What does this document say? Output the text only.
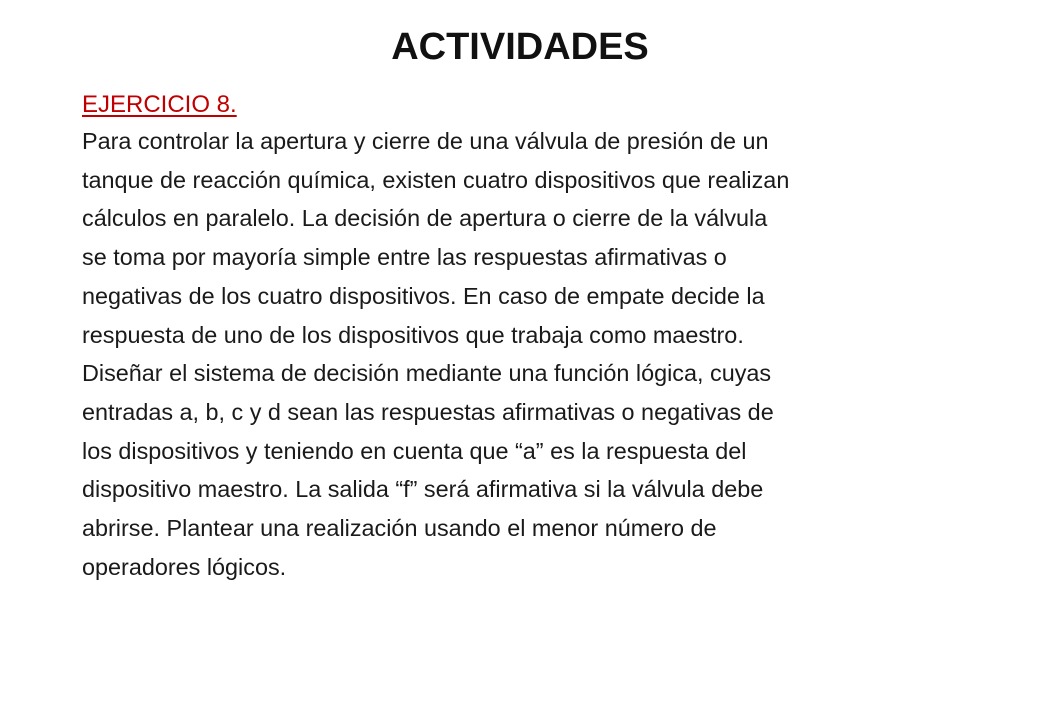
ACTIVIDADES
EJERCICIO 8.
Para controlar la apertura y cierre de una válvula de presión de un
tanque de reacción química, existen cuatro dispositivos que realizan
cálculos en paralelo. La decisión de apertura o cierre de la válvula
se toma por mayoría simple entre las respuestas afirmativas o
negativas de los cuatro dispositivos. En caso de empate decide la
respuesta de uno de los dispositivos que trabaja como maestro.
Diseñar el sistema de decisión mediante una función lógica, cuyas
entradas a, b, c y d sean las respuestas afirmativas o negativas de
los dispositivos y teniendo en cuenta que “a” es la respuesta del
dispositivo maestro. La salida “f” será afirmativa si la válvula debe
abrirse. Plantear una realización usando el menor número de
operadores lógicos.
